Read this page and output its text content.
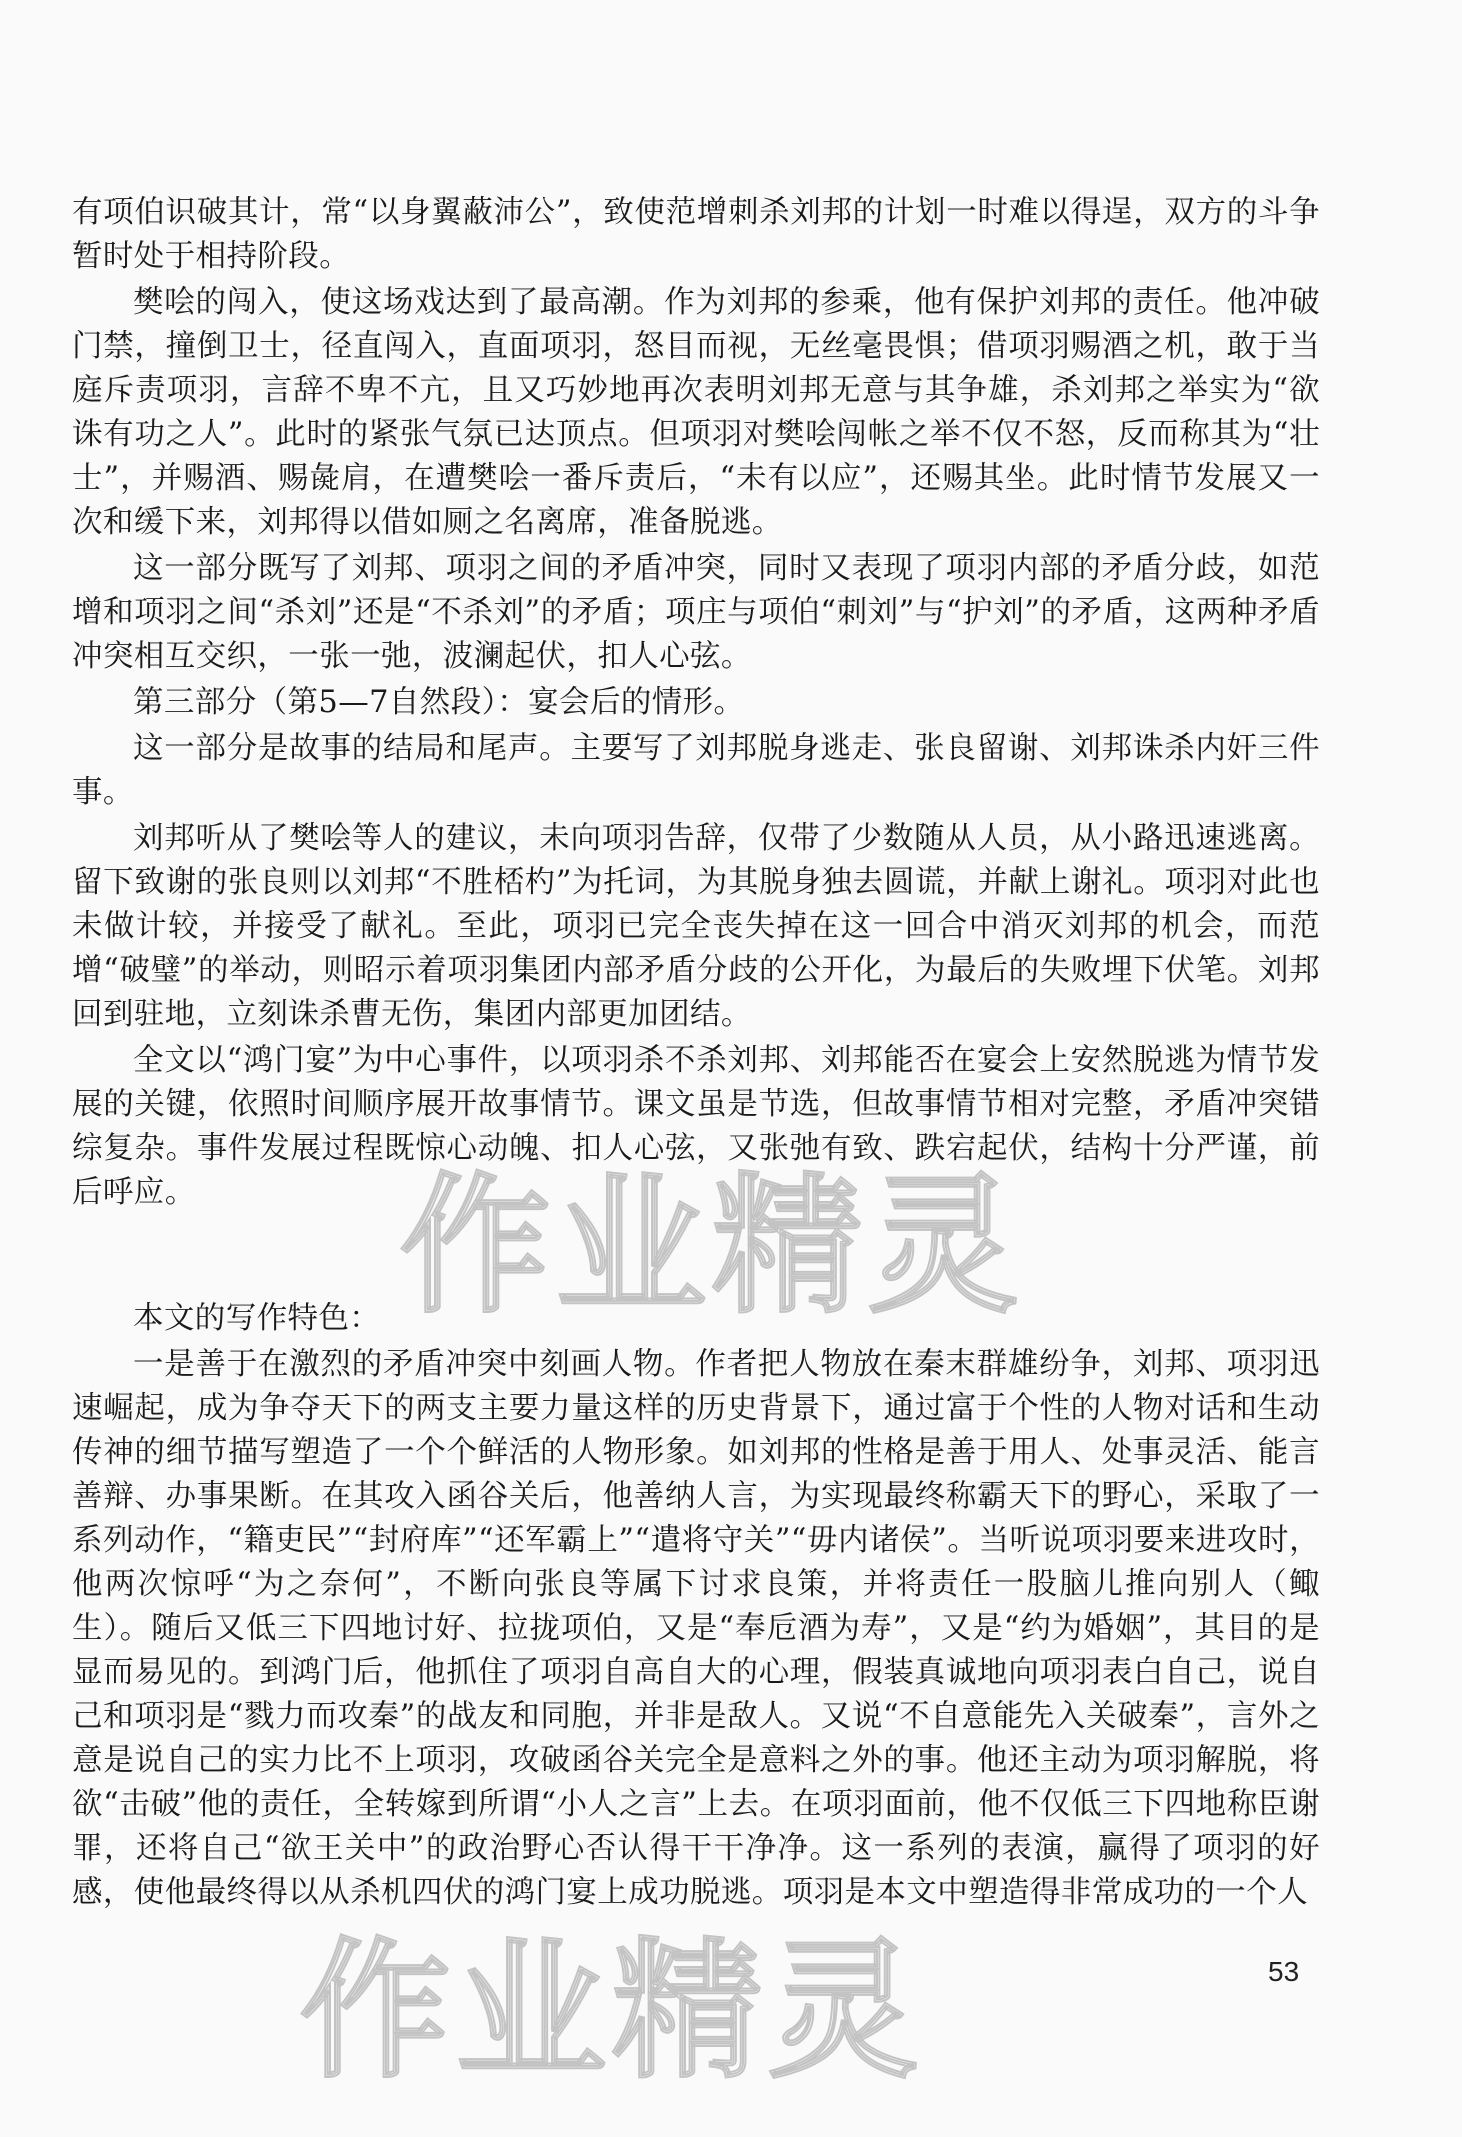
有项伯识破其计，常“以身翼蔽沛公”，致使范增刺杀刘邦的计划一时难以得逞，双方的斗争暂时处于相持阶段。

樊哙的闯入，使这场戏达到了最高潮。作为刘邦的参乘，他有保护刘邦的责任。他冲破门禁，撞倒卫士，径直闯入，直面项羽，怒目而视，无丝毫畏惧；借项羽赐酒之机，敢于当庭斥责项羽，言辞不卑不亢，且又巧妙地再次表明刘邦无意与其争雄，杀刘邦之举实为“欲诛有功之人”。此时的紧张气氛已达顶点。但项羽对樊哙闯帐之举不仅不怒，反而称其为“壮士”，并赐酒、赐彘肩，在遭樊哙一番斥责后，“未有以应”，还赐其坐。此时情节发展又一次和缓下来，刘邦得以借如厕之名离席，准备脱逃。

这一部分既写了刘邦、项羽之间的矛盾冲突，同时又表现了项羽内部的矛盾分歧，如范增和项羽之间“杀刘”还是“不杀刘”的矛盾；项庄与项伯“刺刘”与“护刘”的矛盾，这两种矛盾冲突相互交织，一张一弛，波澜起伏，扣人心弦。

第三部分（第5—7自然段）：宴会后的情形。

这一部分是故事的结局和尾声。主要写了刘邦脱身逃走、张良留谢、刘邦诛杀内奸三件事。

刘邦听从了樊哙等人的建议，未向项羽告辞，仅带了少数随从人员，从小路迅速逃离。留下致谢的张良则以刘邦“不胜桮杓”为托词，为其脱身独去圆谎，并献上谢礼。项羽对此也未做计较，并接受了献礼。至此，项羽已完全丧失掉在这一回合中消灭刘邦的机会，而范增“破璧”的举动，则昭示着项羽集团内部矛盾分歧的公开化，为最后的失败埋下伏笔。刘邦回到驻地，立刻诛杀曹无伤，集团内部更加团结。

全文以“鸿门宴”为中心事件，以项羽杀不杀刘邦、刘邦能否在宴会上安然脱逃为情节发展的关键，依照时间顺序展开故事情节。课文虽是节选，但故事情节相对完整，矛盾冲突错综复杂。事件发展过程既惊心动魄、扣人心弦，又张弛有致、跌宕起伏，结构十分严谨，前后呼应。

本文的写作特色：

一是善于在激烈的矛盾冲突中刻画人物。作者把人物放在秦末群雄纷争，刘邦、项羽迅速崛起，成为争夺天下的两支主要力量这样的历史背景下，通过富于个性的人物对话和生动传神的细节描写塑造了一个个鲜活的人物形象。如刘邦的性格是善于用人、处事灵活、能言善辩、办事果断。在其攻入函谷关后，他善纳人言，为实现最终称霸天下的野心，采取了一系列动作，“籍吏民”“封府库”“还军霸上”“遣将守关”“毋内诸侯”。当听说项羽要来进攻时，他两次惊呼“为之奈何”，不断向张良等属下讨求良策，并将责任一股脑儿推向别人（鲰生）。随后又低三下四地讨好、拉拢项伯，又是“奉卮酒为寿”，又是“约为婚姻”，其目的是显而易见的。到鸿门后，他抓住了项羽自高自大的心理，假装真诚地向项羽表白自己，说自己和项羽是“戮力而攻秦”的战友和同胞，并非是敌人。又说“不自意能先入关破秦”，言外之意是说自己的实力比不上项羽，攻破函谷关完全是意料之外的事。他还主动为项羽解脱，将欲“击破”他的责任，全转嫁到所谓“小人之言”上去。在项羽面前，他不仅低三下四地称臣谢罪，还将自己“欲王关中”的政治野心否认得干干净净。这一系列的表演，赢得了项羽的好感，使他最终得以从杀机四伏的鸿门宴上成功脱逃。项羽是本文中塑造得非常成功的一个人

作业精灵
作业精灵	53
